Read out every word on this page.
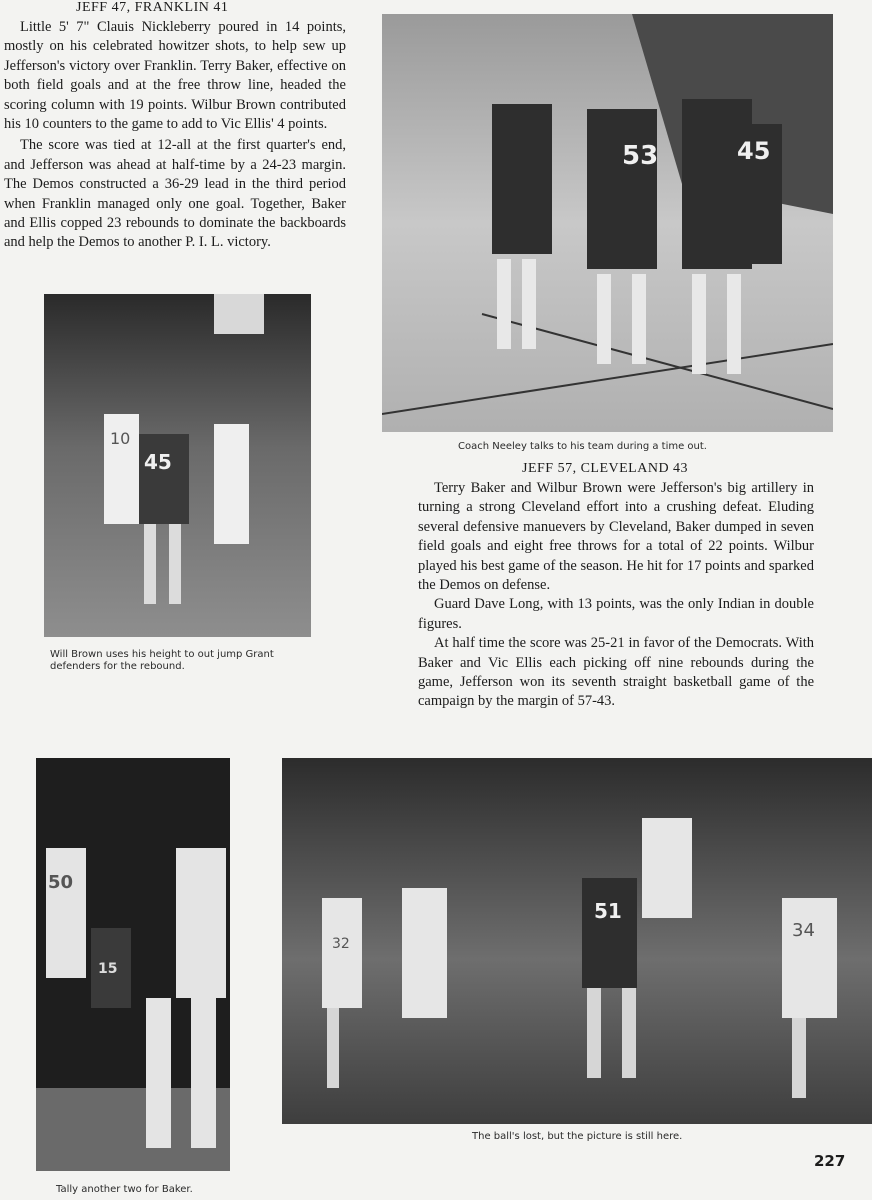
JEFF 47, FRANKLIN 41

Little 5' 7" Clauis Nickleberry poured in 14 points, mostly on his celebrated howitzer shots, to help sew up Jefferson's victory over Franklin. Terry Baker, effective on both field goals and at the free throw line, headed the scoring column with 19 points. Wilbur Brown contributed his 10 counters to the game to add to Vic Ellis' 4 points.

The score was tied at 12-all at the first quarter's end, and Jefferson was ahead at half-time by a 24-23 margin. The Demos constructed a 36-29 lead in the third period when Franklin managed only one goal. Together, Baker and Ellis copped 23 rebounds to dominate the backboards and help the Demos to another P. I. L. victory.

53	45
Coach Neeley talks to his team during a time out.

JEFF 57, CLEVELAND 43

Terry Baker and Wilbur Brown were Jefferson's big artillery in turning a strong Cleveland effort into a crushing defeat. Eluding several defensive manuevers by Cleveland, Baker dumped in seven field goals and eight free throws for a total of 22 points. Wilbur played his best game of the season. He hit for 17 points and sparked the Demos on defense.

Guard Dave Long, with 13 points, was the only Indian in double figures.

At half time the score was 25-21 in favor of the Democrats. With Baker and Vic Ellis each picking off nine rebounds during the game, Jefferson won its seventh straight basketball game of the campaign by the margin of 57-43.

45
10
Will Brown uses his height to out jump Grant defenders for the rebound.
50
15
Tally another two for Baker.
51
32
34
The ball's lost, but the picture is still here.
227
